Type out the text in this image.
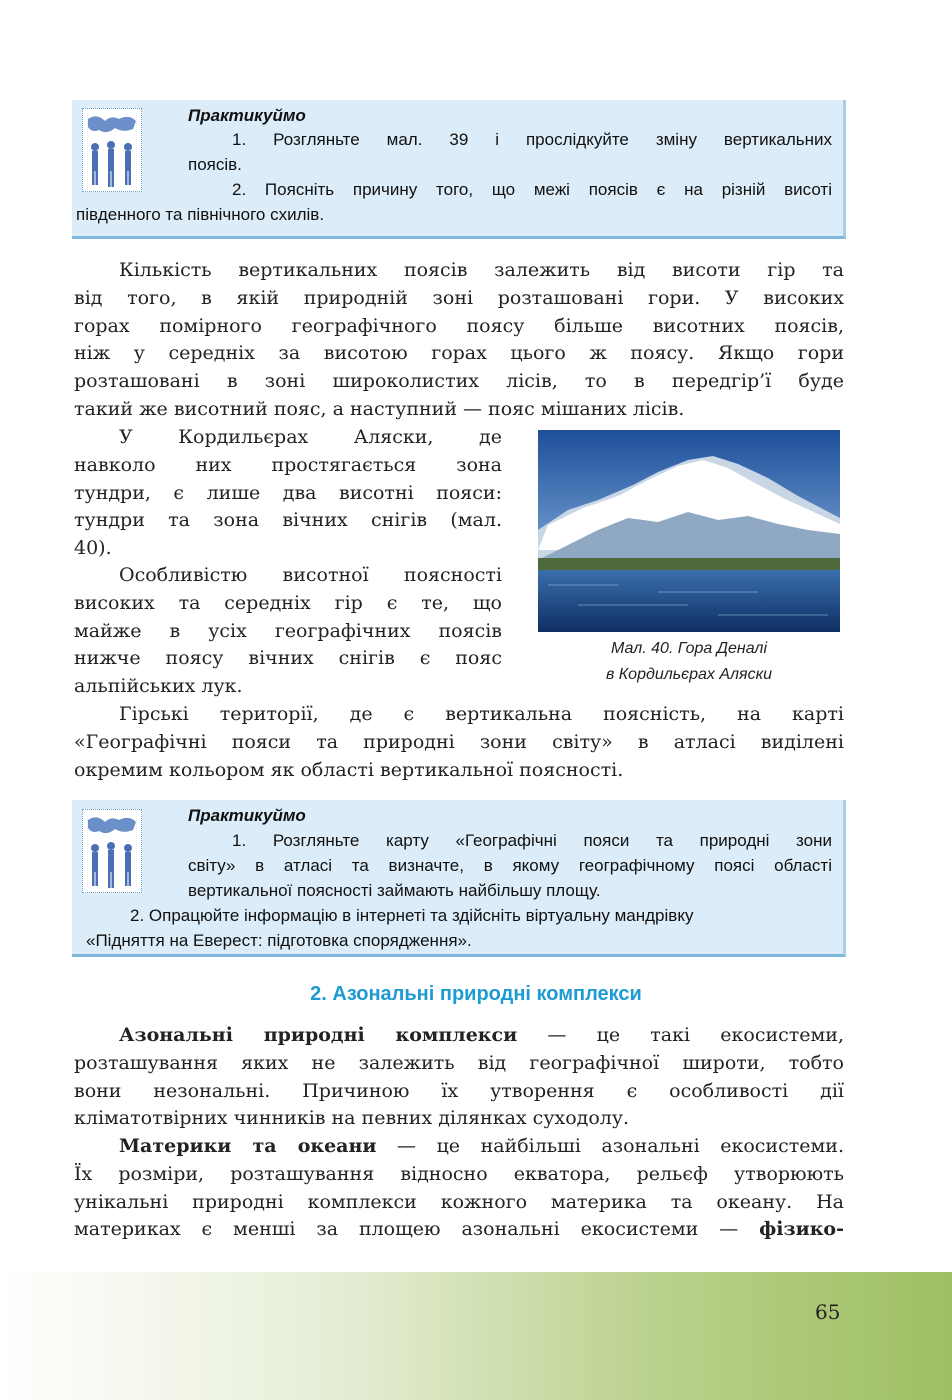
Практикуймо
1. Розгляньте мал. 39 і прослідкуйте зміну вертикальних
поясів.
2. Поясніть причину того, що межі поясів є на різній висоті
південного та північного схилів.
Кількість вертикальних поясів залежить від висоти гір та
від того, в якій природній зоні розташовані гори. У високих
горах помірного географічного поясу більше висотних поясів,
ніж у середніх за висотою горах цього ж поясу. Якщо гори
розташовані в зоні широколистих лісів, то в передгір’ї буде
такий же висотний пояс, а наступний — пояс мішаних лісів.
У Кордильєрах Аляски, де
навколо них простягається зона
тундри, є лише два висотні пояси:
тундри та зона вічних снігів (мал.
40).
Особливістю висотної поясності
високих та середніх гір є те, що
майже в усіх географічних поясів
нижче поясу вічних снігів є пояс
альпійських лук.
Мал. 40. Гора Деналі
в Кордильєрах Аляски
Гірські території, де є вертикальна поясність, на карті
«Географічні пояси та природні зони світу» в атласі виділені
окремим кольором як області вертикальної поясності.
Практикуймо
1. Розгляньте карту «Географічні пояси та природні зони
світу» в атласі та визначте, в якому географічному поясі області
вертикальної поясності займають найбільшу площу.
2. Опрацюйте інформацію в інтернеті та здійсніть віртуальну мандрівку
«Підняття на Еверест: підготовка спорядження».
2. Азональні природні комплекси
Азональні природні комплекси — це такі екосистеми,
розташування яких не залежить від географічної широти, тобто
вони незональні. Причиною їх утворення є особливості дії
кліматотвірних чинників на певних ділянках суходолу.
Материки та океани — це найбільші азональні екосистеми.
Їх розміри, розташування відносно екватора, рельєф утворюють
унікальні природні комплекси кожного материка та океану. На
материках є менші за площею азональні екосистеми — фізико-
65
